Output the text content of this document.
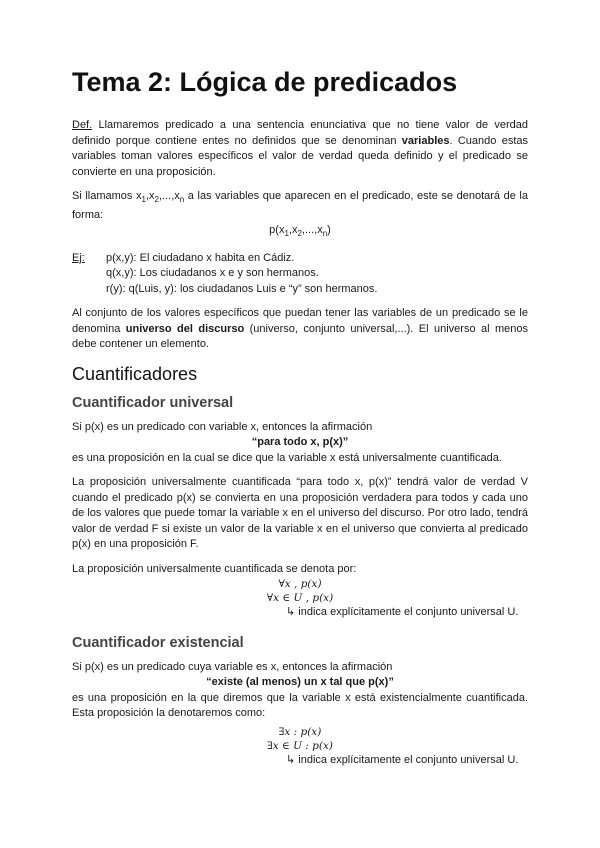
Tema 2: Lógica de predicados

Def. Llamaremos predicado a una sentencia enunciativa que no tiene valor de verdad definido porque contiene entes no definidos que se denominan variables. Cuando estas variables toman valores específicos el valor de verdad queda definido y el predicado se convierte en una proposición.

Si llamamos $x_1,x_2,...,x_n$ a las variables que aparecen en el predicado, este se denotará de la forma:

$p(x_1,x_2,...,x_n)$

Ej:	p(x,y): El ciudadano x habita en Cádiz.
q(x,y): Los ciudadanos x e y son hermanos.
r(y): q(Luis, y): los ciudadanos Luis e “y” son hermanos.

Al conjunto de los valores específicos que puedan tener las variables de un predicado se le denomina universo del discurso (universo, conjunto universal,...). El universo al menos debe contener un elemento.

Cuantificadores
Cuantificador universal

Si p(x) es un predicado con variable x, entonces la afirmación

“para todo x, p(x)”

es una proposición en la cual se dice que la variable x está universalmente cuantificada.

La proposición universalmente cuantificada “para todo x, p(x)” tendrá valor de verdad V cuando el predicado p(x) se convierta en una proposición verdadera para todos y cada uno de los valores que puede tomar la variable x en el universo del discurso. Por otro lado, tendrá valor de verdad F si existe un valor de la variable x en el universo que convierta al predicado p(x) en una proposición F.

La proposición universalmente cuantificada se denota por:

∀x , p(x)
∀x ∈ U , p(x)
↳ indica explícitamente el conjunto universal U.
Cuantificador existencial

Si p(x) es un predicado cuya variable es x, entonces la afirmación

“existe (al menos) un x tal que p(x)”

es una proposición en la que diremos que la variable x está existencialmente cuantificada. Esta proposición la denotaremos como:

∃x : p(x)
∃x ∈ U : p(x)
↳ indica explícitamente el conjunto universal U.
